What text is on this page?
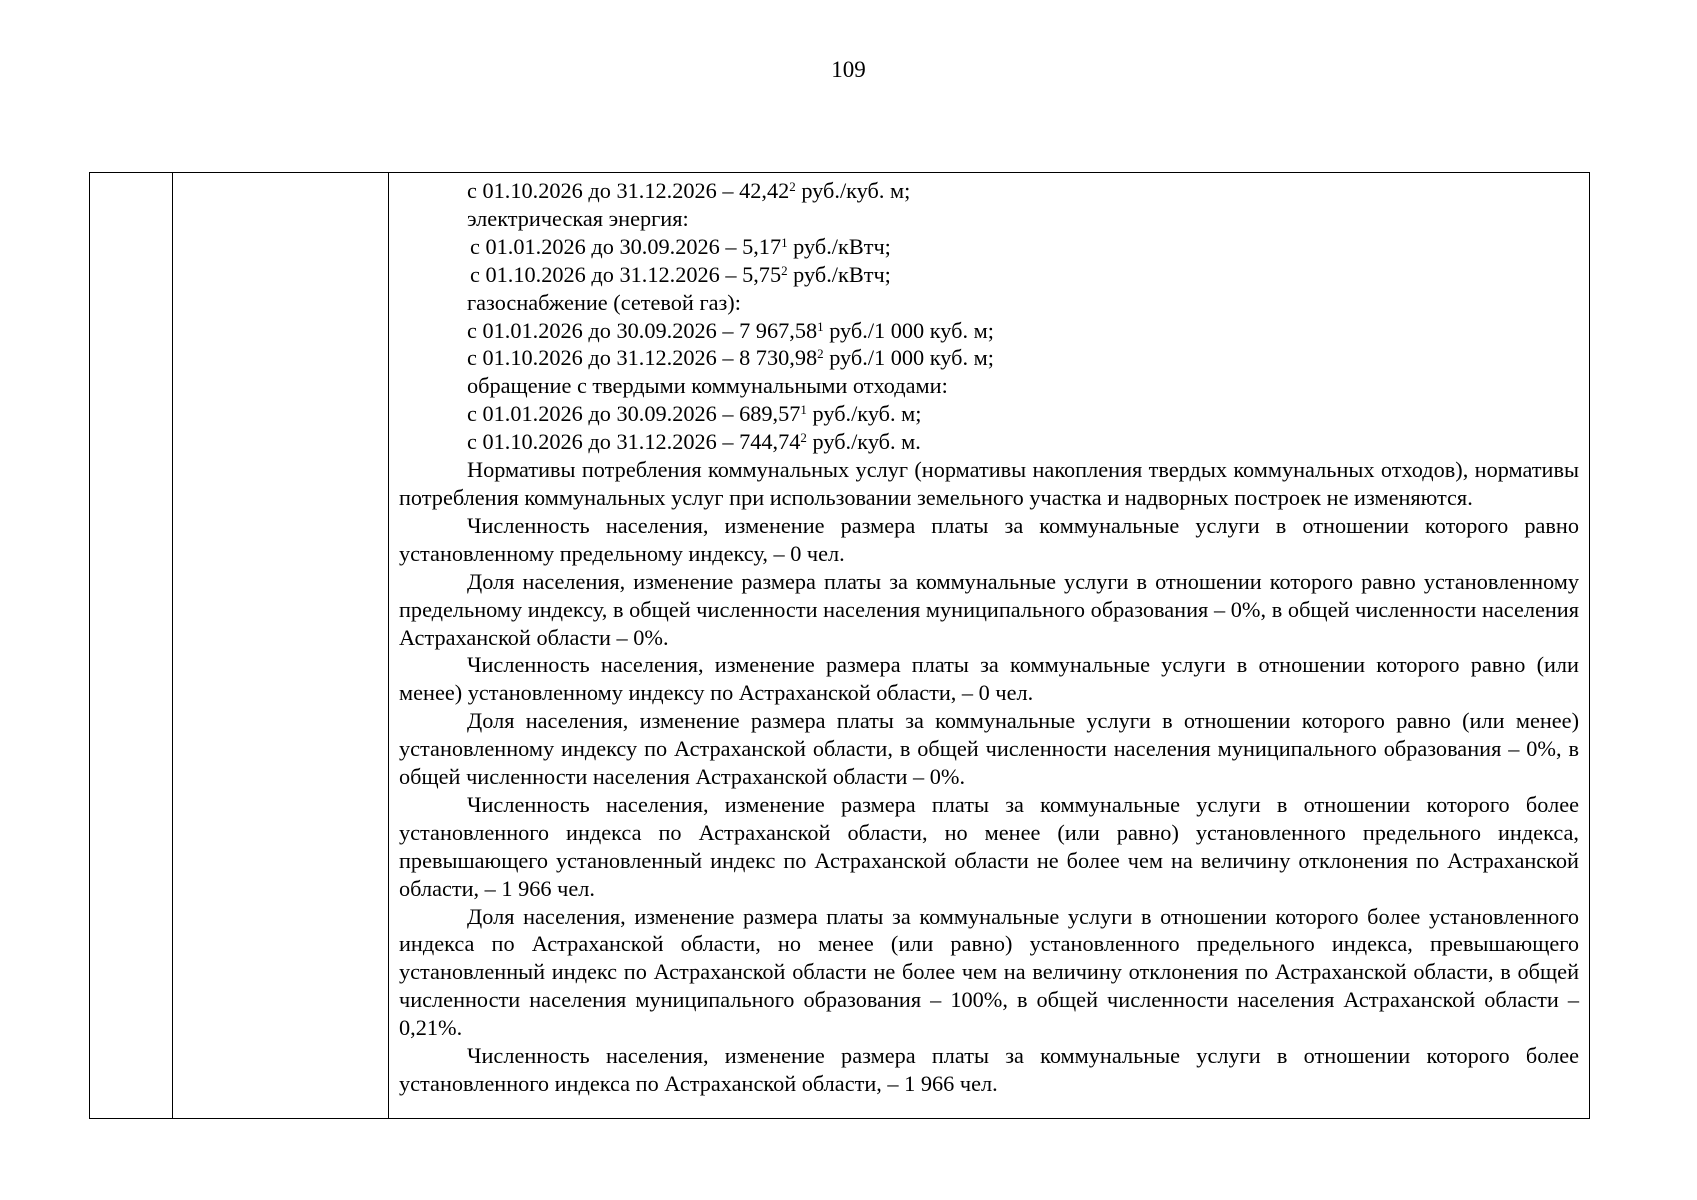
109

с 01.10.2026 до 31.12.2026 – 42,42$^2$ руб./куб. м;

электрическая энергия:

с 01.01.2026 до 30.09.2026 – 5,17$^1$ руб./кВтч;

с 01.10.2026 до 31.12.2026 – 5,75$^2$ руб./кВтч;

газоснабжение (сетевой газ):

с 01.01.2026 до 30.09.2026 – 7 967,58$^1$ руб./1 000 куб. м;

с 01.10.2026 до 31.12.2026 – 8 730,98$^2$ руб./1 000 куб. м;

обращение с твердыми коммунальными отходами:

с 01.01.2026 до 30.09.2026 – 689,57$^1$ руб./куб. м;

с 01.10.2026 до 31.12.2026 – 744,74$^2$ руб./куб. м.

Нормативы потребления коммунальных услуг (нормативы накопления твердых коммунальных отходов), нормативы потребления коммунальных услуг при использовании земельного участка и надворных построек не изменяются.

Численность населения, изменение размера платы за коммунальные услуги в отношении которого равно установленному предельному индексу, – 0 чел.

Доля населения, изменение размера платы за коммунальные услуги в отношении которого равно установленному предельному индексу, в общей численности населения муниципального образования – 0%, в общей численности населения Астраханской области – 0%.

Численность населения, изменение размера платы за коммунальные услуги в отношении которого равно (или менее) установленному индексу по Астраханской области, – 0 чел.

Доля населения, изменение размера платы за коммунальные услуги в отношении которого равно (или менее) установленному индексу по Астраханской области, в общей численности населения муниципального образования – 0%, в общей численности населения Астраханской области – 0%.

Численность населения, изменение размера платы за коммунальные услуги в отношении которого более установленного индекса по Астраханской области, но менее (или равно) установленного предельного индекса, превышающего установленный индекс по Астраханской области не более чем на величину отклонения по Астраханской области, – 1 966 чел.

Доля населения, изменение размера платы за коммунальные услуги в отношении которого более установленного индекса по Астраханской области, но менее (или равно) установленного предельного индекса, превышающего установленный индекс по Астраханской области не более чем на величину отклонения по Астраханской области, в общей численности населения муниципального образования – 100%, в общей численности населения Астраханской области – 0,21%.

Численность населения, изменение размера платы за коммунальные услуги в отношении которого более установленного индекса по Астраханской области, – 1 966 чел.
